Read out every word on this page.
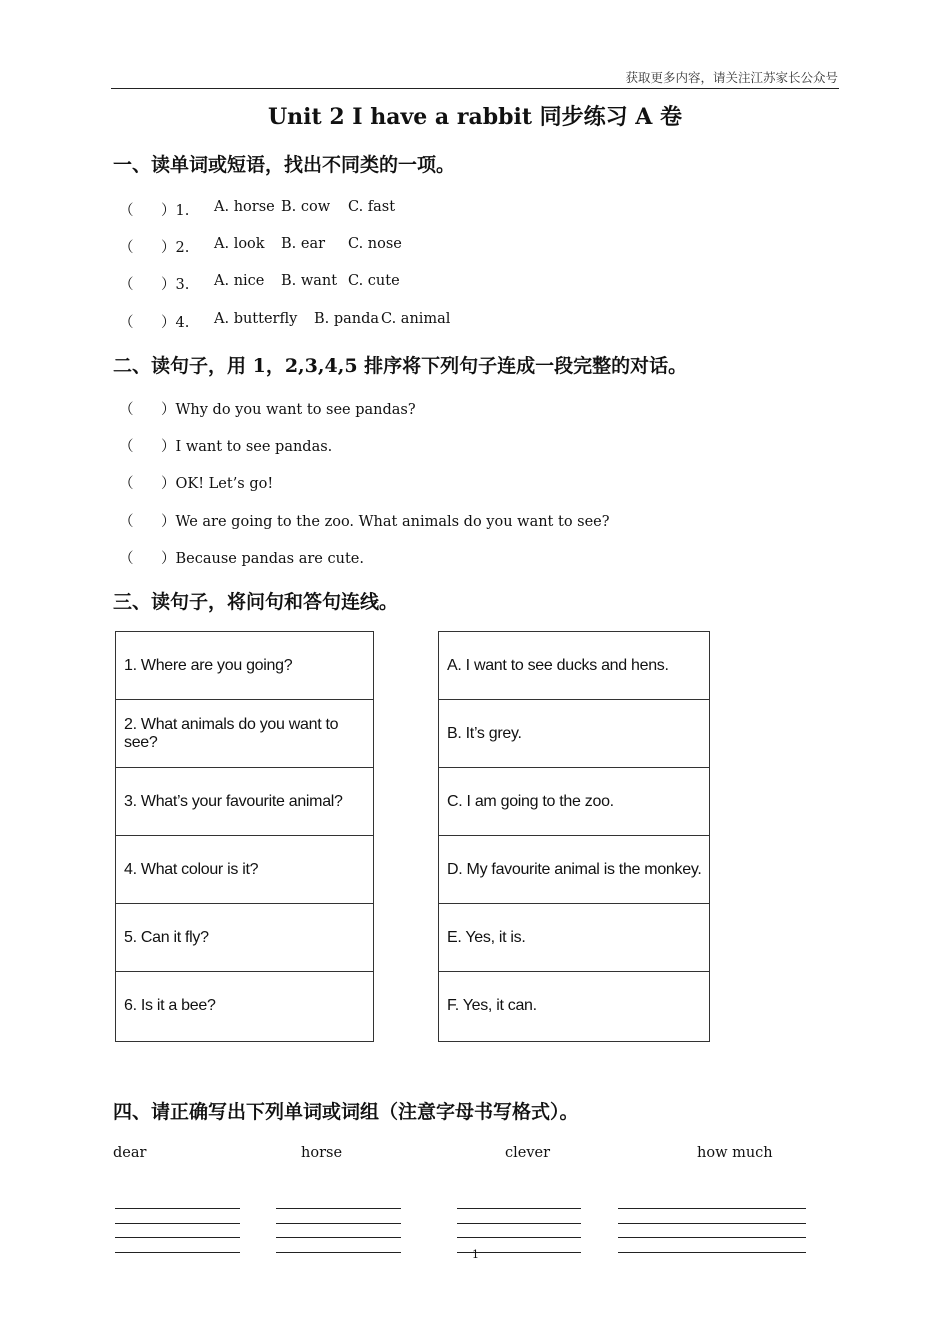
获取更多内容，请关注江苏家长公众号
Unit 2 I have a rabbit 同步练习 A 卷
一、读单词或短语，找出不同类的一项。
（ ）1. A. horse B. cow C. fast
（ ）2. A. look B. ear C. nose
（ ）3. A. nice B. want C. cute
（ ）4. A. butterfly B. panda C. animal
二、读句子，用 1，2,3,4,5 排序将下列句子连成一段完整的对话。
（ ）Why do you want to see pandas?
（ ）I want to see pandas.
（ ）OK! Let’s go!
（ ）We are going to the zoo. What animals do you want to see?
（ ）Because pandas are cute.
三、读句子，将问句和答句连线。
1. Where are you going?
2. What animals do you want to see?
3. What’s your favourite animal?
4. What colour is it?
5. Can it fly?
6. Is it a bee?
A. I want to see ducks and hens.
B. It’s grey.
C. I am going to the zoo.
D. My favourite animal is the monkey.
E. Yes, it is.
F. Yes, it can.
四、请正确写出下列单词或词组（注意字母书写格式）。
dear	horse	clever	how much
1
